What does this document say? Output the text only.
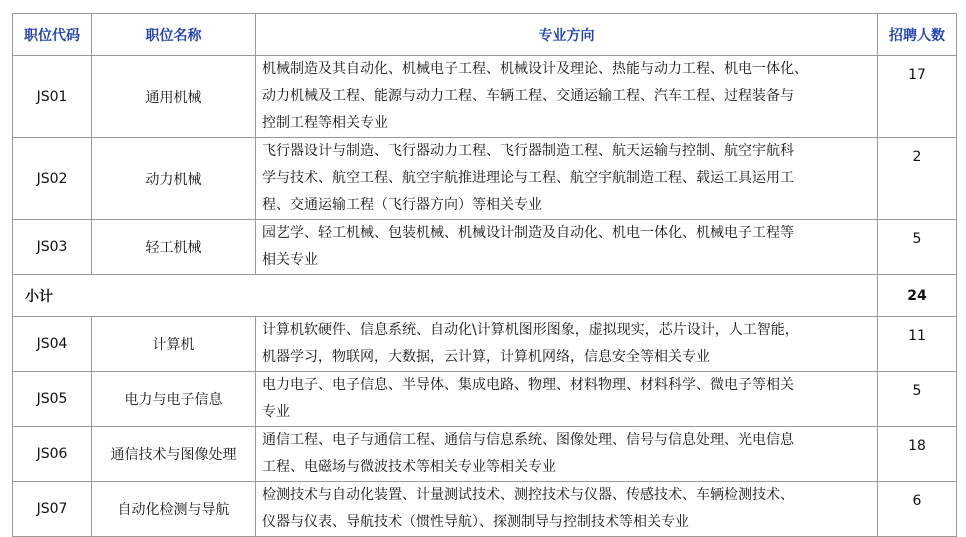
职位代码	职位名称	专业方向	招聘人数
JS01	通用机械	机械制造及其自动化、机械电子工程、机械设计及理论、热能与动力工程、机电一体化、
动力机械及工程、能源与动力工程、车辆工程、交通运输工程、汽车工程、过程装备与
控制工程等相关专业	17
JS02	动力机械	飞行器设计与制造、飞行器动力工程、飞行器制造工程、航天运输与控制、航空宇航科
学与技术、航空工程、航空宇航推进理论与工程、航空宇航制造工程、载运工具运用工
程、交通运输工程（飞行器方向）等相关专业	2
JS03	轻工机械	园艺学、轻工机械、包装机械、机械设计制造及自动化、机电一体化、机械电子工程等
相关专业	5
小计			24
JS04	计算机	计算机软硬件、信息系统、自动化\计算机图形图象，虚拟现实，芯片设计，人工智能，
机器学习，物联网，大数据，云计算，计算机网络，信息安全等相关专业	11
JS05	电力与电子信息	电力电子、电子信息、半导体、集成电路、物理、材料物理、材料科学、微电子等相关
专业	5
JS06	通信技术与图像处理	通信工程、电子与通信工程、通信与信息系统、图像处理、信号与信息处理、光电信息
工程、电磁场与微波技术等相关专业等相关专业	18
JS07	自动化检测与导航	检测技术与自动化装置、计量测试技术、测控技术与仪器、传感技术、车辆检测技术、
仪器与仪表、导航技术（惯性导航）、探测制导与控制技术等相关专业	6
